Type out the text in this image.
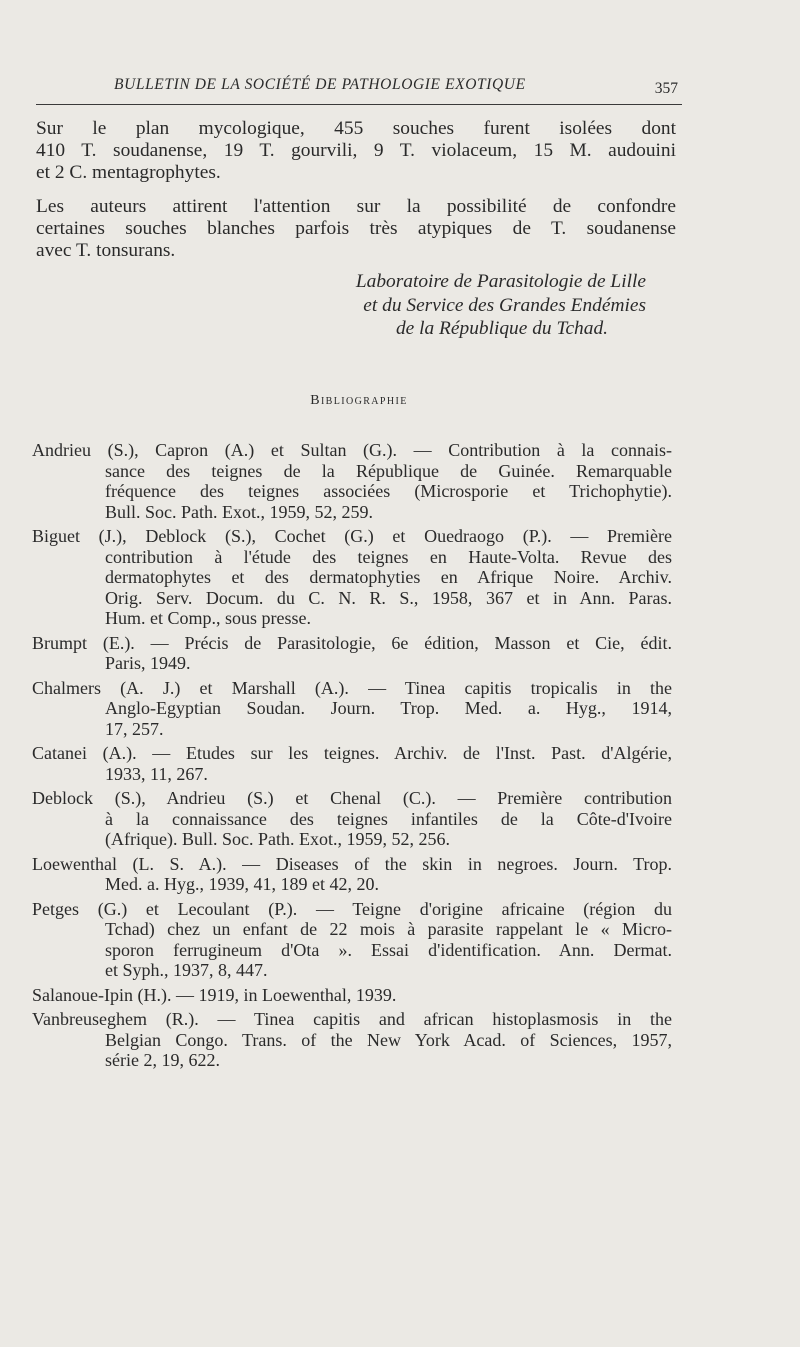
BULLETIN DE LA SOCIÉTÉ DE PATHOLOGIE EXOTIQUE	357

Sur le plan mycologique, 455 souches furent isolées dont
410 T. soudanense, 19 T. gourvili, 9 T. violaceum, 15 M. audouini
et 2 C. mentagrophytes.

Les auteurs attirent l'attention sur la possibilité de confondre
certaines souches blanches parfois très atypiques de T. soudanense
avec T. tonsurans.

Laboratoire de Parasitologie de Lille
et du Service des Grandes Endémies
de la République du Tchad.
Bibliographie
Andrieu (S.), Capron (A.) et Sultan (G.). — Contribution à la connais-
sance des teignes de la République de Guinée. Remarquable
fréquence des teignes associées (Microsporie et Trichophytie).
Bull. Soc. Path. Exot., 1959, 52, 259.
Biguet (J.), Deblock (S.), Cochet (G.) et Ouedraogo (P.). — Première
contribution à l'étude des teignes en Haute-Volta. Revue des
dermatophytes et des dermatophyties en Afrique Noire. Archiv.
Orig. Serv. Docum. du C. N. R. S., 1958, 367 et in Ann. Paras.
Hum. et Comp., sous presse.
Brumpt (E.). — Précis de Parasitologie, 6e édition, Masson et Cie, édit.
Paris, 1949.
Chalmers (A. J.) et Marshall (A.). — Tinea capitis tropicalis in the
Anglo-Egyptian Soudan. Journ. Trop. Med. a. Hyg., 1914,
17, 257.
Catanei (A.). — Etudes sur les teignes. Archiv. de l'Inst. Past. d'Algérie,
1933, 11, 267.
Deblock (S.), Andrieu (S.) et Chenal (C.). — Première contribution
à la connaissance des teignes infantiles de la Côte-d'Ivoire
(Afrique). Bull. Soc. Path. Exot., 1959, 52, 256.
Loewenthal (L. S. A.). — Diseases of the skin in negroes. Journ. Trop.
Med. a. Hyg., 1939, 41, 189 et 42, 20.
Petges (G.) et Lecoulant (P.). — Teigne d'origine africaine (région du
Tchad) chez un enfant de 22 mois à parasite rappelant le « Micro-
sporon ferrugineum d'Ota ». Essai d'identification. Ann. Dermat.
et Syph., 1937, 8, 447.
Salanoue-Ipin (H.). — 1919, in Loewenthal, 1939.
Vanbreuseghem (R.). — Tinea capitis and african histoplasmosis in the
Belgian Congo. Trans. of the New York Acad. of Sciences, 1957,
série 2, 19, 622.
